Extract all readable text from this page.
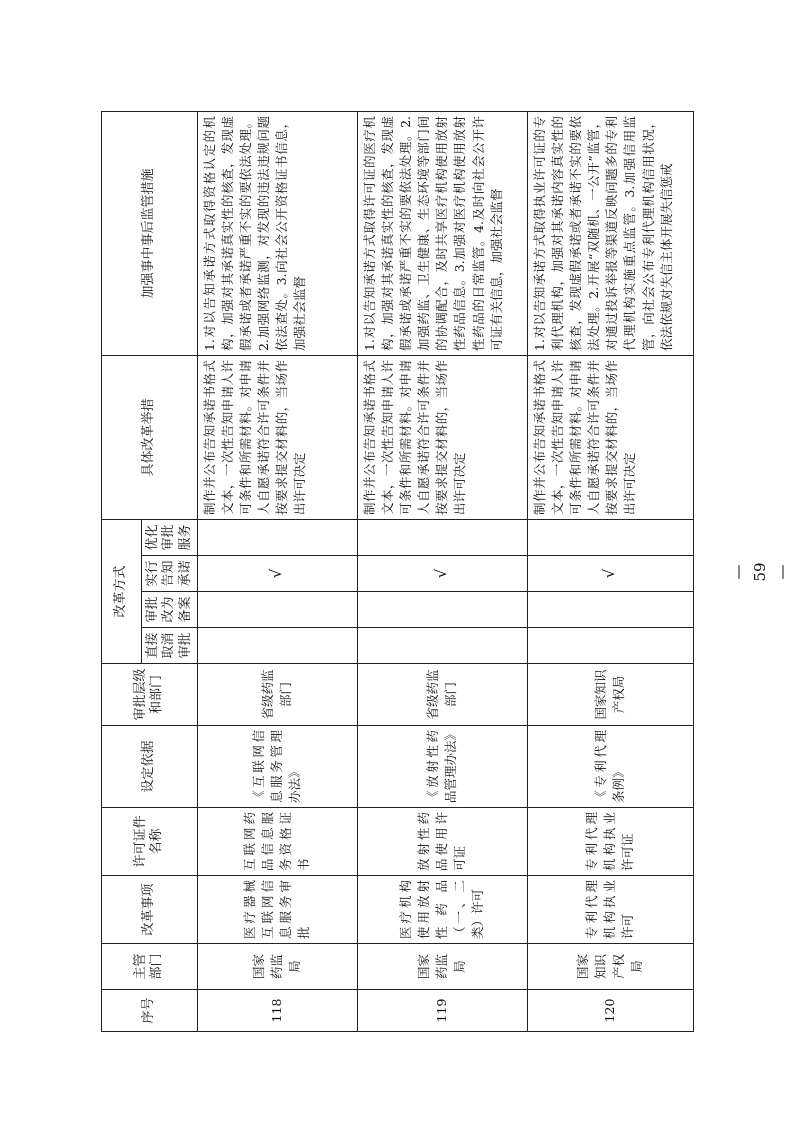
序号	主管部门	改革事项	许可证件名称	设定依据	审批层级和部门	改革方式				具体改革举措	加强事中事后监管措施
						直接取消审批	审批改为备案	实行告知承诺	优化审批服务		
118	国家药监局	医疗器械互联网信息服务审批	互联网药品信息服务资格证书	《互联网信息服务管理办法》	省级药监部门			√		制作并公布告知承诺书格式文本，一次性告知申请人许可条件和所需材料。对申请人自愿承诺符合许可条件并按要求提交材料的，当场作出许可决定	1.对以告知承诺方式取得资格认定的机构，加强对其承诺真实性的核查，发现虚假承诺或者承诺严重不实的要依法处理。2.加强网络监测，对发现的违法违规问题依法查处。3.向社会公开资格证书信息，加强社会监督
119	国家药监局	医疗机构使用放射性药品（一、二类）许可	放射性药品使用许可证	《放射性药品管理办法》	省级药监部门			√		制作并公布告知承诺书格式文本，一次性告知申请人许可条件和所需材料。对申请人自愿承诺符合许可条件并按要求提交材料的，当场作出许可决定	1.对以告知承诺方式取得许可证的医疗机构，加强对其承诺真实性的核查，发现虚假承诺或承诺严重不实的要依法处理。2.加强药监、卫生健康、生态环境等部门间的协调配合，及时共享医疗机构使用放射性药品信息。3.加强对医疗机构使用放射性药品的日常监管。4.及时向社会公开许可证有关信息，加强社会监督
120	国家知识产权局	专利代理机构执业许可	专利代理机构执业许可证	《专利代理条例》	国家知识产权局			√		制作并公布告知承诺书格式文本，一次性告知申请人许可条件和所需材料。对申请人自愿承诺符合许可条件并按要求提交材料的，当场作出许可决定	1.对以告知承诺方式取得执业许可证的专利代理机构，加强对其承诺内容真实性的核查，发现虚假承诺或者承诺不实的要依法处理。2.开展“双随机、一公开”监管，对通过投诉举报等渠道反映问题多的专利代理机构实施重点监管。3.加强信用监管，向社会公布专利代理机构信用状况，依法依规对失信主体开展失信惩戒
— 59 —
